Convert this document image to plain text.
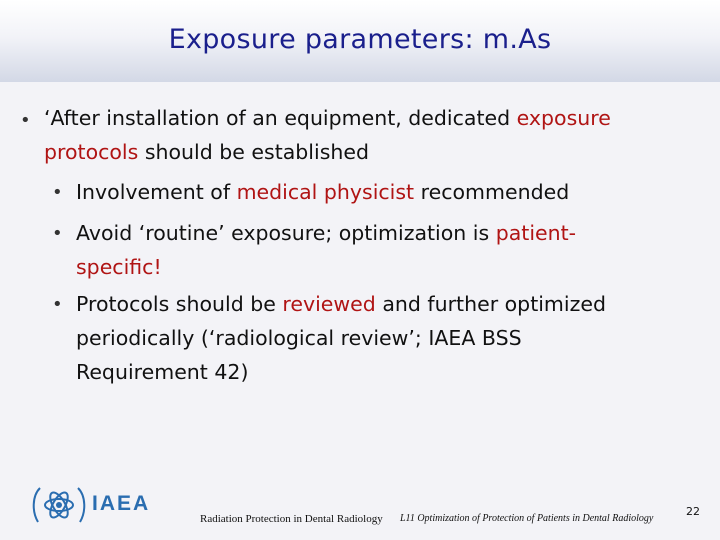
Exposure parameters: m.As
• ‘After installation of an equipment, dedicated exposure
protocols should be established
• Involvement of medical physicist recommended
• Avoid ‘routine’ exposure; optimization is patient-
specific!
• Protocols should be reviewed and further optimized
periodically (‘radiological review’; IAEA BSS
Requirement 42)
IAEA
Radiation Protection in Dental Radiology L11 Optimization of Protection of Patients in Dental Radiology
22
